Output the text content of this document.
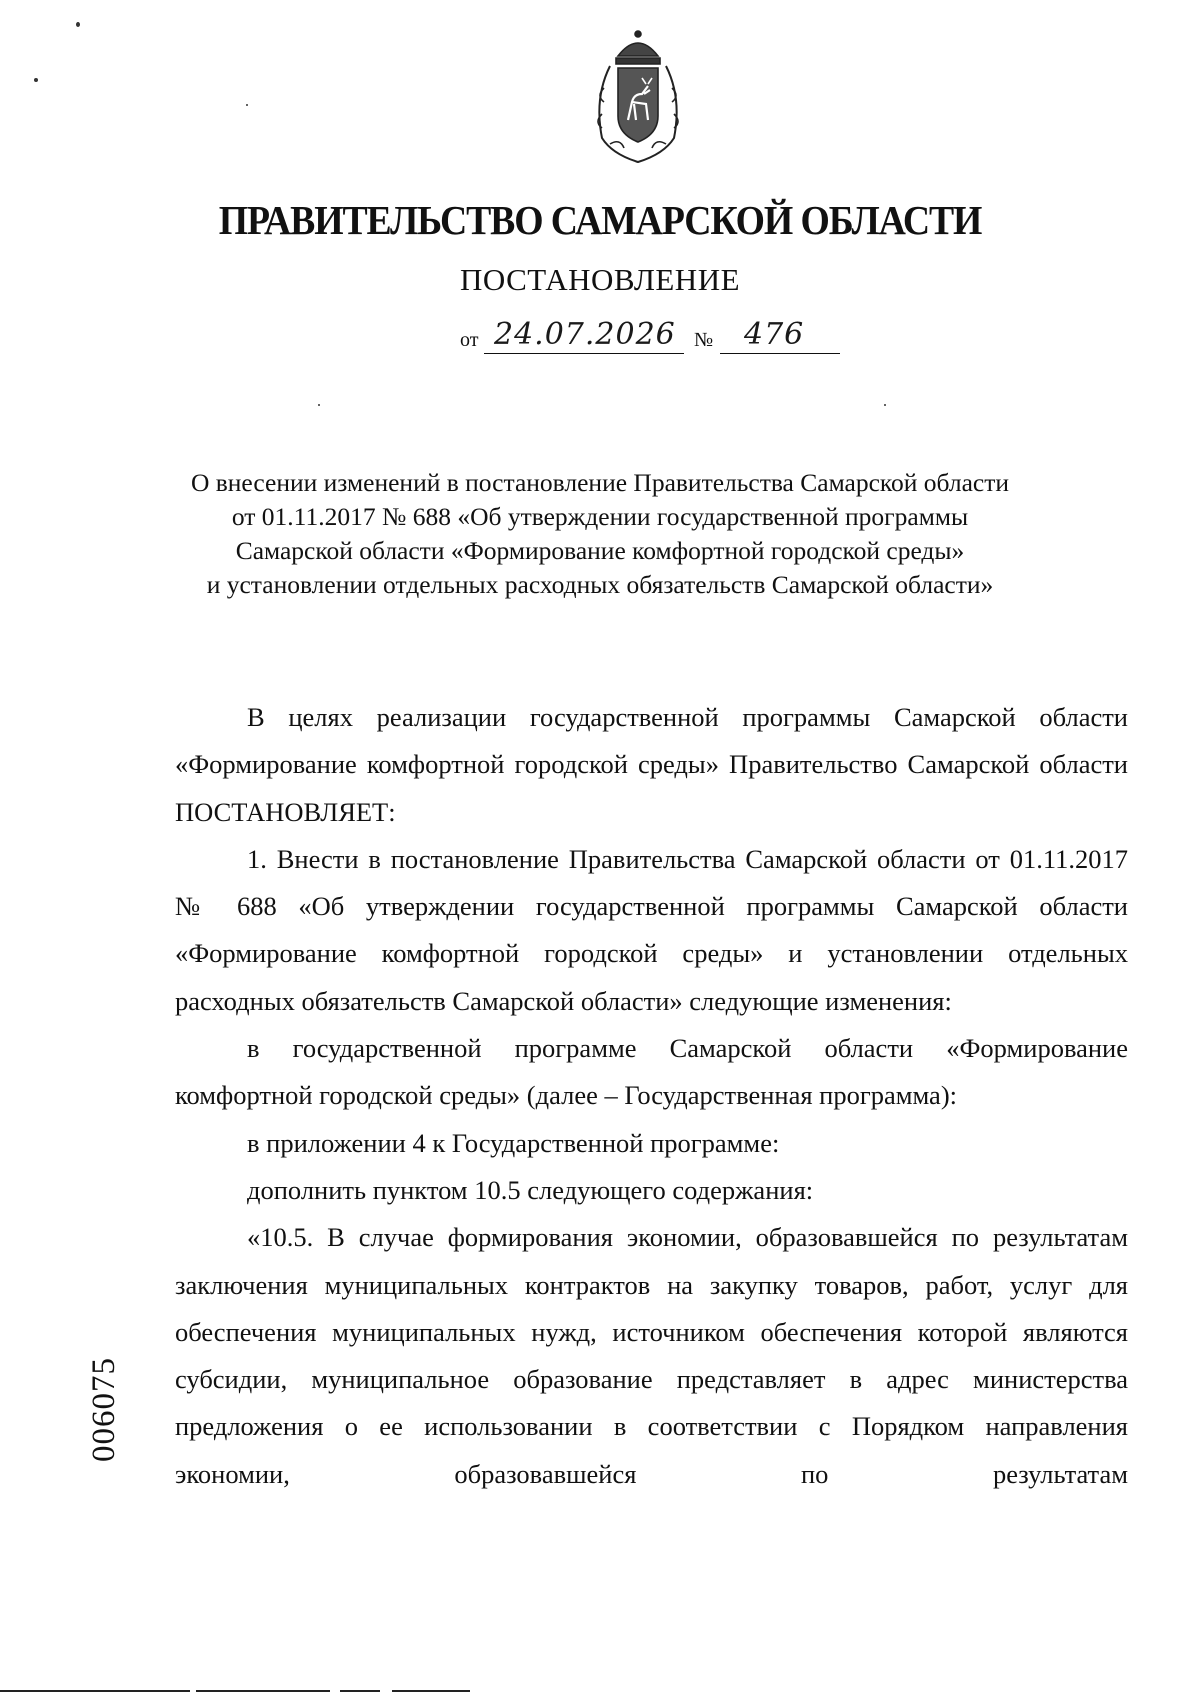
ПРАВИТЕЛЬСТВО САМАРСКОЙ ОБЛАСТИ
ПОСТАНОВЛЕНИЕ
от 24.07.2026 № 476
О внесении изменений в постановление Правительства Самарской области
от 01.11.2017 № 688 «Об утверждении государственной программы
Самарской области «Формирование комфортной городской среды»
и установлении отдельных расходных обязательств Самарской области»

В целях реализации государственной программы Самарской области «Формирование комфортной городской среды» Правительство Самарской области ПОСТАНОВЛЯЕТ:

1. Внести в постановление Правительства Самарской области от 01.11.2017 № 688 «Об утверждении государственной программы Самарской области «Формирование комфортной городской среды» и установлении отдельных расходных обязательств Самарской области» следующие изменения:

в государственной программе Самарской области «Формирование комфортной городской среды» (далее – Государственная программа):

в приложении 4 к Государственной программе:

дополнить пунктом 10.5 следующего содержания:

«10.5. В случае формирования экономии, образовавшейся по результатам заключения муниципальных контрактов на закупку товаров, работ, услуг для обеспечения муниципальных нужд, источником обеспечения которой являются субсидии, муниципальное образование представляет в адрес министерства предложения о ее использовании в соответствии с Порядком направления экономии, образовавшейся по результатам

006075
